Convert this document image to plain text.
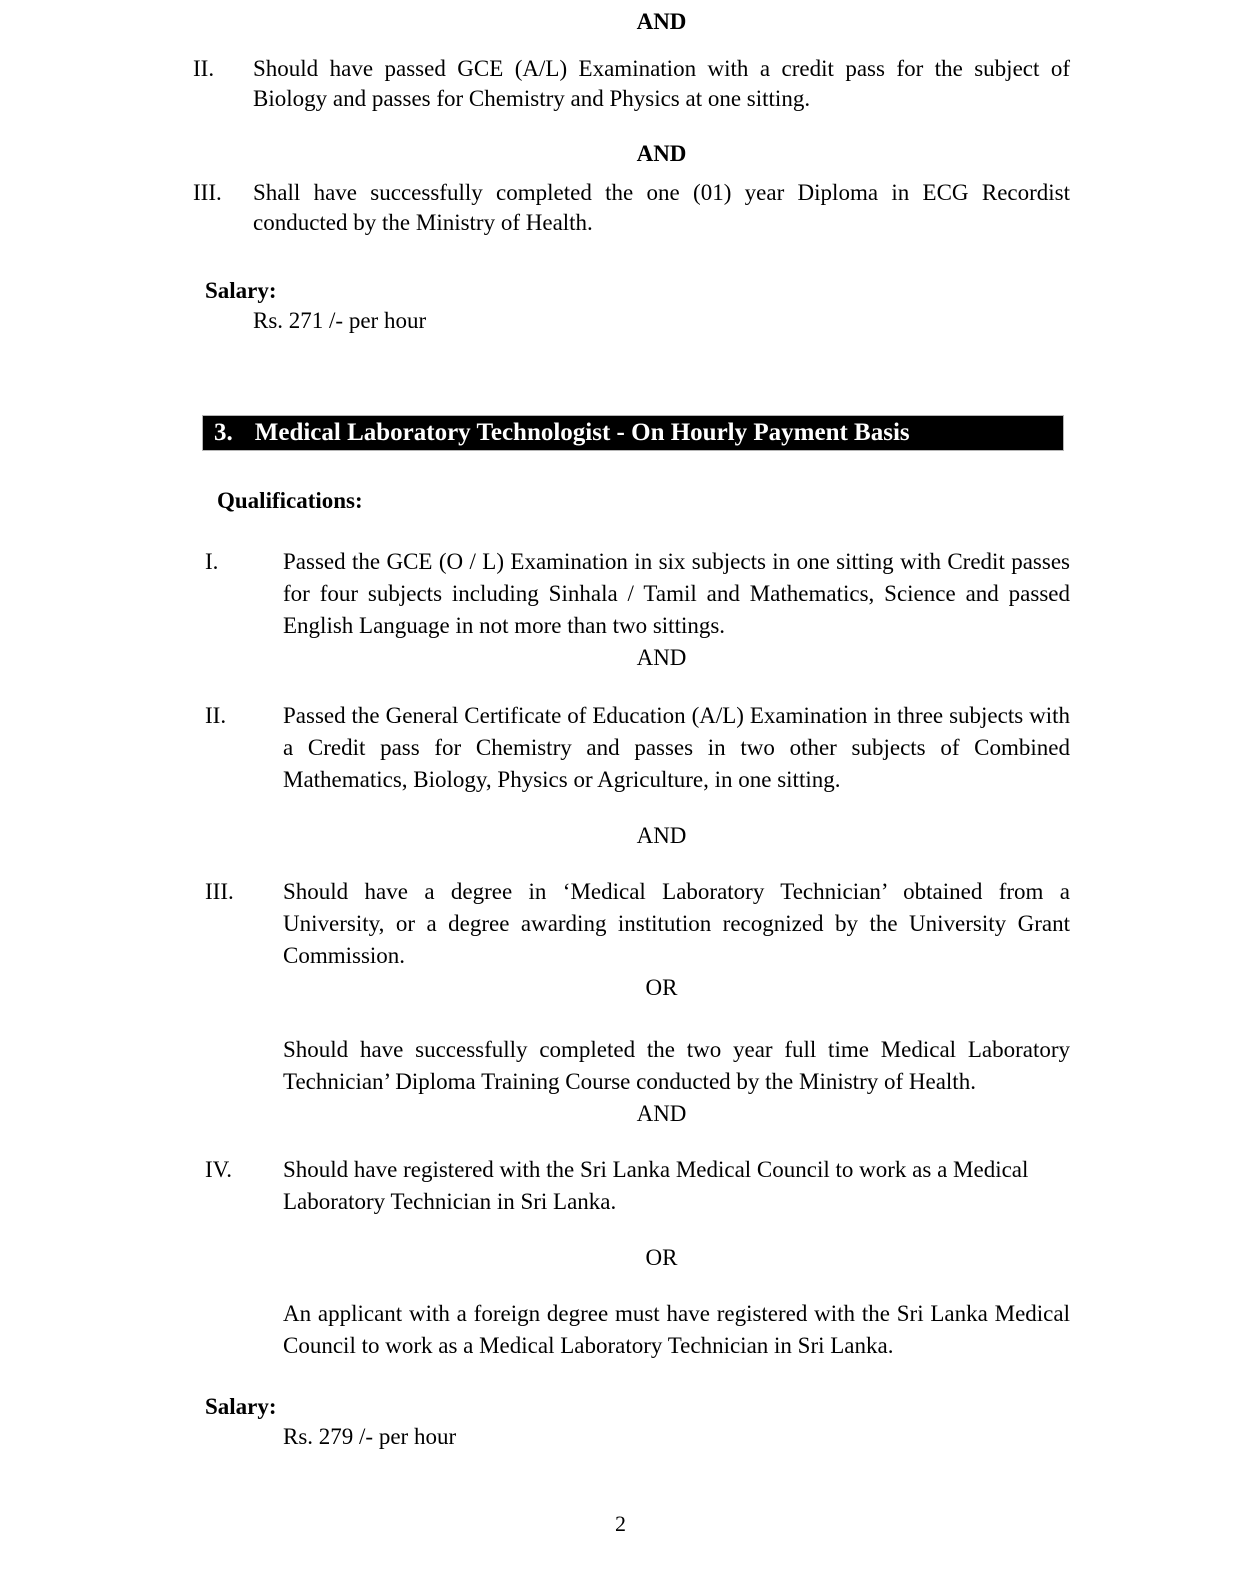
AND

II. Should have passed GCE (A/L) Examination with a credit pass for the subject of Biology and passes for Chemistry and Physics at one sitting.

AND

III. Shall have successfully completed the one (01) year Diploma in ECG Recordist conducted by the Ministry of Health.

Salary:

Rs. 271 /- per hour

3. Medical Laboratory Technologist - On Hourly Payment Basis

Qualifications:

I.	Passed the GCE (O / L) Examination in six subjects in one sitting with Credit passes for four subjects including Sinhala / Tamil and Mathematics, Science and passed English Language in not more than two sittings.

AND

II. Passed the General Certificate of Education (A/L) Examination in three subjects with a Credit pass for Chemistry and passes in two other subjects of Combined Mathematics, Biology, Physics or Agriculture, in one sitting.

AND

III. Should have a degree in ‘Medical Laboratory Technician’ obtained from a University, or a degree awarding institution recognized by the University Grant Commission.

OR

Should have successfully completed the two year full time Medical Laboratory Technician’ Diploma Training Course conducted by the Ministry of Health.

AND

IV. Should have registered with the Sri Lanka Medical Council to work as a Medical Laboratory Technician in Sri Lanka.

OR

An applicant with a foreign degree must have registered with the Sri Lanka Medical Council to work as a Medical Laboratory Technician in Sri Lanka.

Salary:

Rs. 279 /- per hour

2
